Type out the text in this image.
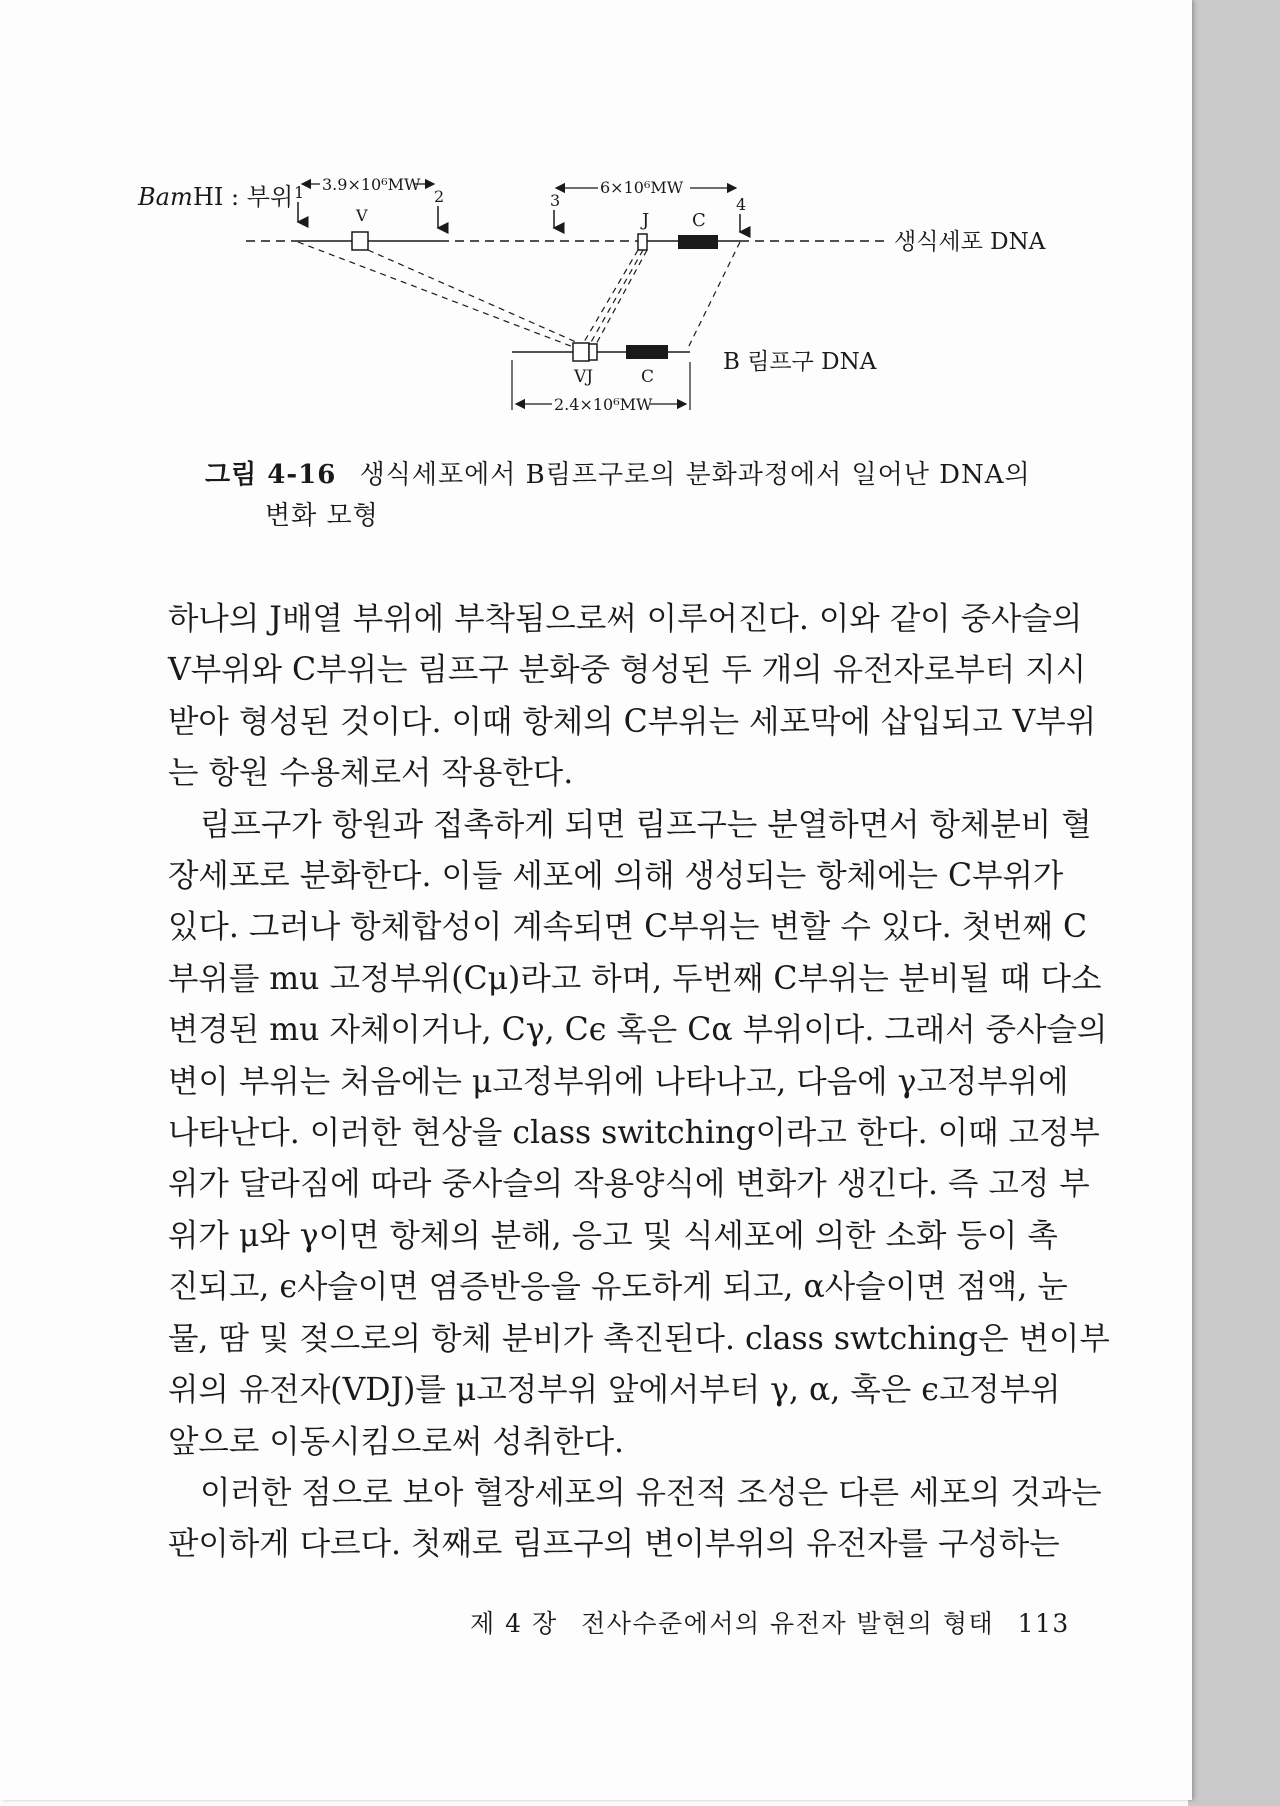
Bam HI : 부위 1	2	3	4
3.9×10⁶MW	6×10⁶MW
V	J C
생식세포 DNA
VJ	C
B 림프구 DNA
2.4×10⁶MW
그림 4-16 생식세포에서 B림프구로의 분화과정에서 일어난 DNA의
변화 모형
하나의 J배열 부위에 부착됨으로써 이루어진다. 이와 같이 중사슬의
V부위와 C부위는 림프구 분화중 형성된 두 개의 유전자로부터 지시
받아 형성된 것이다. 이때 항체의 C부위는 세포막에 삽입되고 V부위
는 항원 수용체로서 작용한다.
림프구가 항원과 접촉하게 되면 림프구는 분열하면서 항체분비 혈
장세포로 분화한다. 이들 세포에 의해 생성되는 항체에는 C부위가
있다. 그러나 항체합성이 계속되면 C부위는 변할 수 있다. 첫번째 C
부위를 mu 고정부위(Cμ)라고 하며, 두번째 C부위는 분비될 때 다소
변경된 mu 자체이거나, Cγ, Cϵ 혹은 Cα 부위이다. 그래서 중사슬의
변이 부위는 처음에는 μ고정부위에 나타나고, 다음에 γ고정부위에
나타난다. 이러한 현상을 class switching이라고 한다. 이때 고정부
위가 달라짐에 따라 중사슬의 작용양식에 변화가 생긴다. 즉 고정 부
위가 μ와 γ이면 항체의 분해, 응고 및 식세포에 의한 소화 등이 촉
진되고, ϵ사슬이면 염증반응을 유도하게 되고, α사슬이면 점액, 눈
물, 땀 및 젖으로의 항체 분비가 촉진된다. class swtching은 변이부
위의 유전자(VDJ)를 μ고정부위 앞에서부터 γ, α, 혹은 ϵ고정부위
앞으로 이동시킴으로써 성취한다.
이러한 점으로 보아 혈장세포의 유전적 조성은 다른 세포의 것과는
판이하게 다르다. 첫째로 림프구의 변이부위의 유전자를 구성하는
제 4 장 전사수준에서의 유전자 발현의 형태 113
